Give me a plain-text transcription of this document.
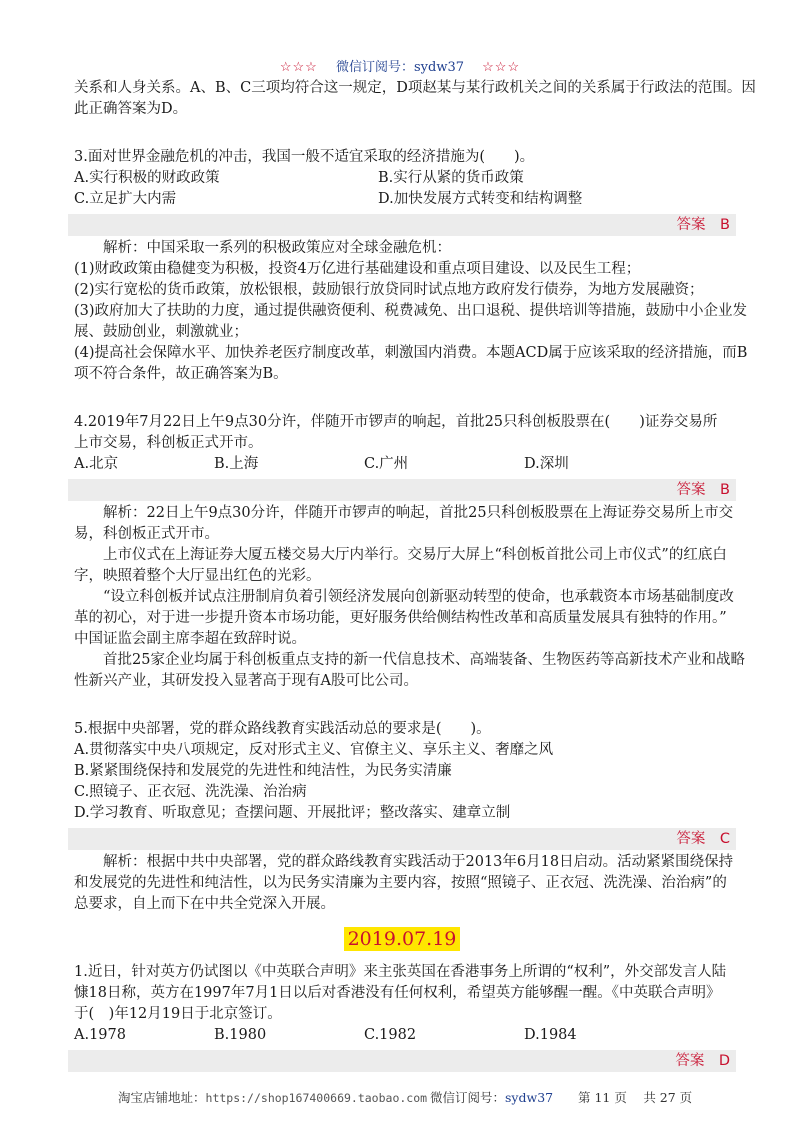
☆☆☆ 微信订阅号：sydw37 ☆☆☆

关系和人身关系。A、B、C三项均符合这一规定，D项赵某与某行政机关之间的关系属于行政法的范围。因

此正确答案为D。

3.面对世界金融危机的冲击，我国一般不适宜采取的经济措施为(　　)。

A.实行积极的财政政策	B.实行从紧的货币政策
C.立足扩大内需	D.加快发展方式转变和结构调整
答案　B

解析：中国采取一系列的积极政策应对全球金融危机：

(1)财政政策由稳健变为积极，投资4万亿进行基础建设和重点项目建设、以及民生工程；

(2)实行宽松的货币政策，放松银根，鼓励银行放贷同时试点地方政府发行债券，为地方发展融资；

(3)政府加大了扶助的力度，通过提供融资便利、税费减免、出口退税、提供培训等措施，鼓励中小企业发

展、鼓励创业，刺激就业；

(4)提高社会保障水平、加快养老医疗制度改革，刺激国内消费。本题ACD属于应该采取的经济措施，而B

项不符合条件，故正确答案为B。

4.2019年7月22日上午9点30分许，伴随开市锣声的响起，首批25只科创板股票在(　　)证券交易所

上市交易，科创板正式开市。

A.北京	B.上海	C.广州	D.深圳
答案　B

解析：22日上午9点30分许，伴随开市锣声的响起，首批25只科创板股票在上海证券交易所上市交

易，科创板正式开市。

上市仪式在上海证券大厦五楼交易大厅内举行。交易厅大屏上“科创板首批公司上市仪式”的红底白

字，映照着整个大厅显出红色的光彩。

“设立科创板并试点注册制肩负着引领经济发展向创新驱动转型的使命，也承载资本市场基础制度改

革的初心，对于进一步提升资本市场功能，更好服务供给侧结构性改革和高质量发展具有独特的作用。”

中国证监会副主席李超在致辞时说。

首批25家企业均属于科创板重点支持的新一代信息技术、高端装备、生物医药等高新技术产业和战略

性新兴产业，其研发投入显著高于现有A股可比公司。

5.根据中央部署，党的群众路线教育实践活动总的要求是(　　)。

A.贯彻落实中央八项规定，反对形式主义、官僚主义、享乐主义、奢靡之风

B.紧紧围绕保持和发展党的先进性和纯洁性，为民务实清廉

C.照镜子、正衣冠、洗洗澡、治治病

D.学习教育、听取意见；查摆问题、开展批评；整改落实、建章立制

答案　C

解析：根据中共中央部署，党的群众路线教育实践活动于2013年6月18日启动。活动紧紧围绕保持

和发展党的先进性和纯洁性，以为民务实清廉为主要内容，按照“照镜子、正衣冠、洗洗澡、治治病”的

总要求，自上而下在中共全党深入开展。

2019.07.19

1.近日，针对英方仍试图以《中英联合声明》来主张英国在香港事务上所谓的“权利”，外交部发言人陆

慷18日称，英方在1997年7月1日以后对香港没有任何权利，希望英方能够醒一醒。《中英联合声明》

于(　)年12月19日于北京签订。

A.1978	B.1980	C.1982	D.1984
答案　D
淘宝店铺地址：https://shop167400669.taobao.com 微信订阅号：sydw37 第 11 页　 共 27 页
